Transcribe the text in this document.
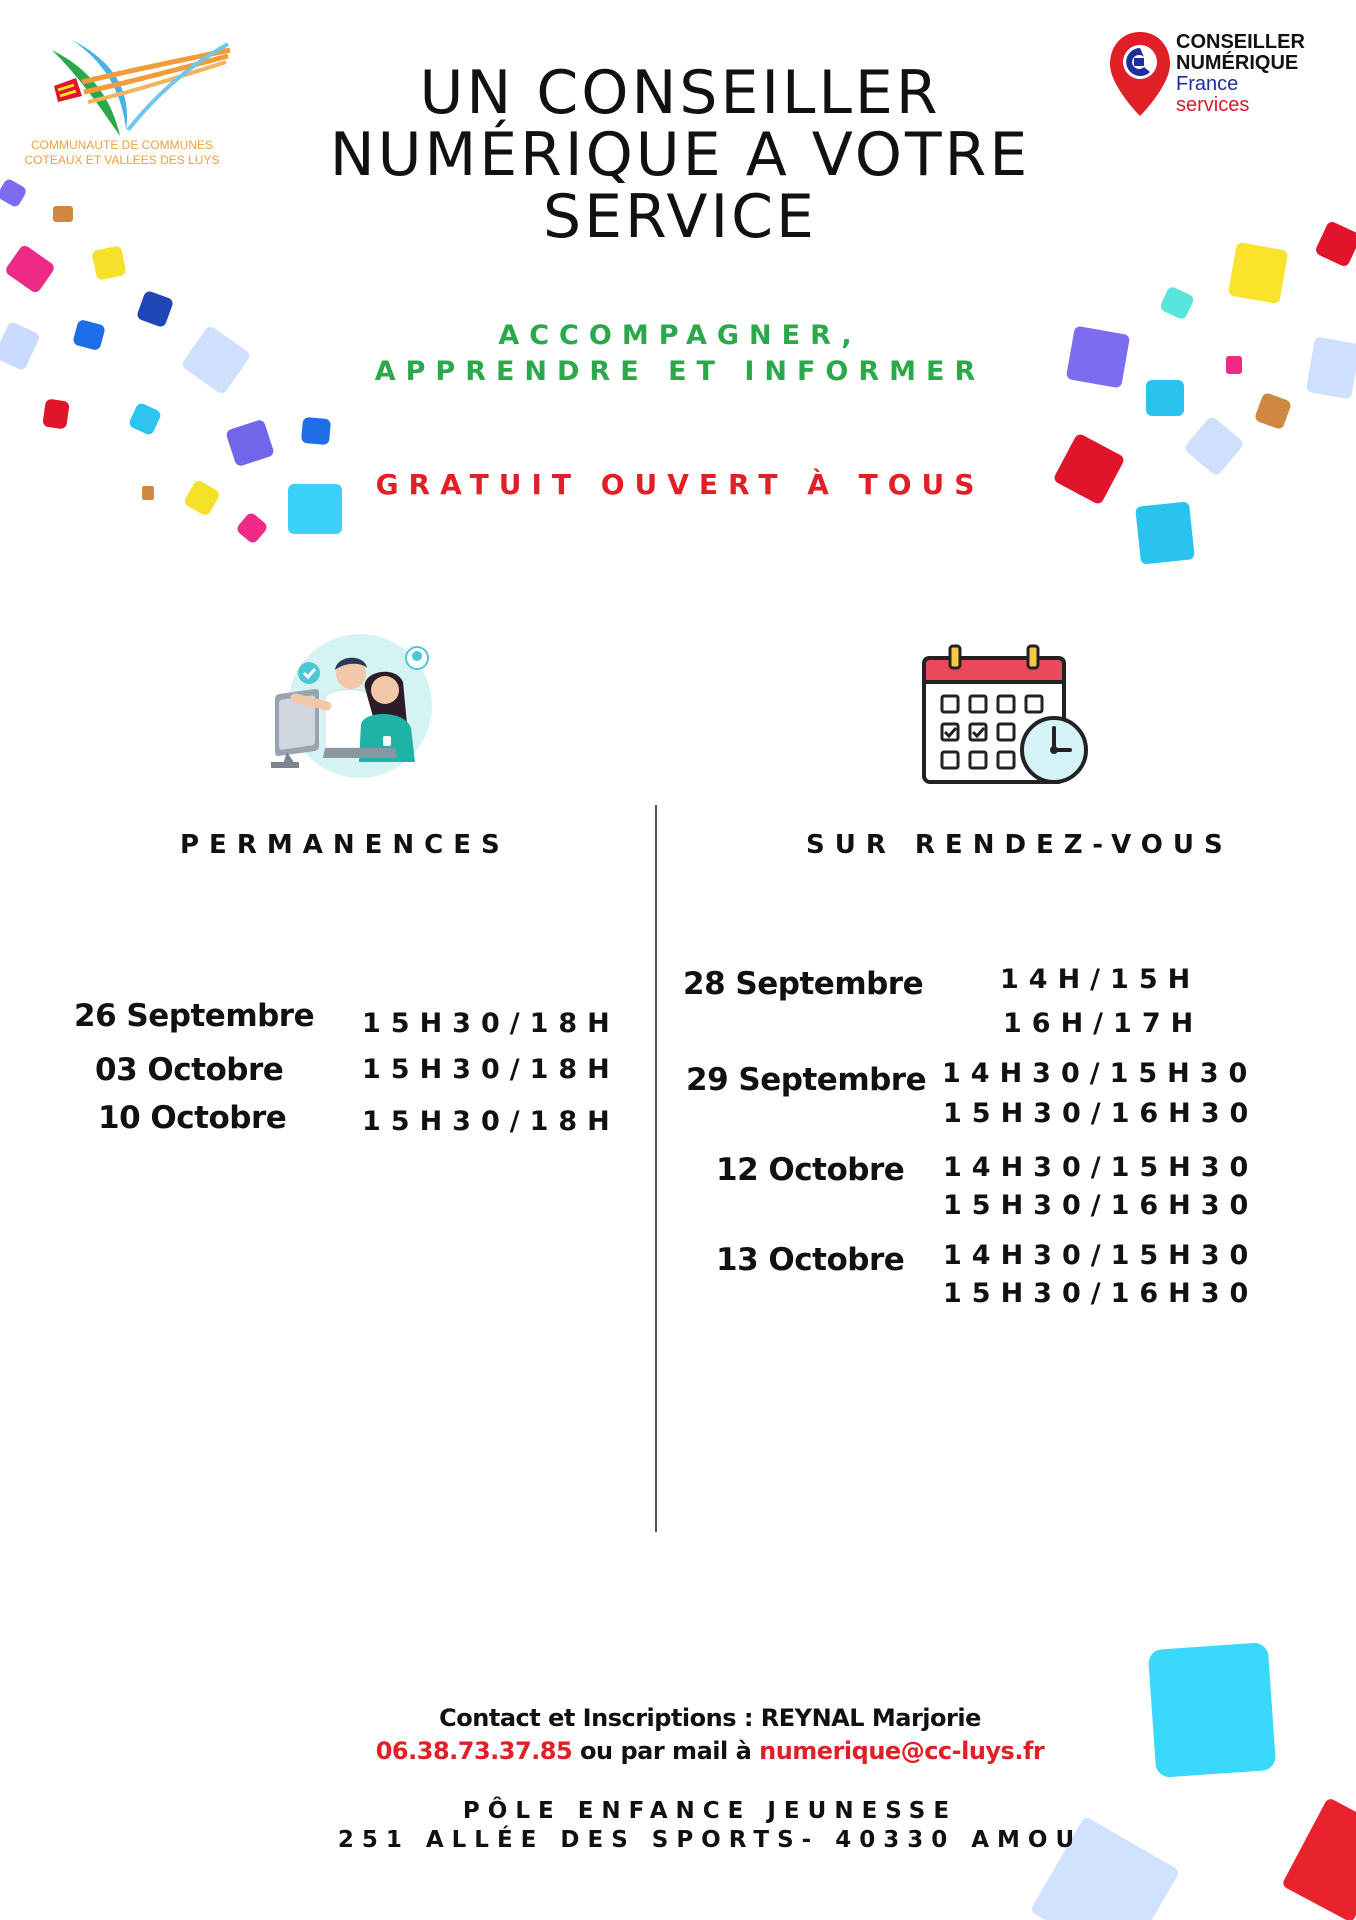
COMMUNAUTE DE COMMUNES
COTEAUX ET VALLEES DES LUYS
CONSEILLER
NUMÉRIQUE
France
services
UN CONSEILLER
NUMÉRIQUE A VOTRE
SERVICE
ACCOMPAGNER,
APPRENDRE ET INFORMER
GRATUIT OUVERT À TOUS
PERMANENCES	SUR RENDEZ-VOUS
26 Septembre 15H30/18H
03 Octobre	15H30/18H
10 Octobre	15H30/18H
28 Septembre	14H/15H
16H/17H
29 Septembre 14H30/15H30
15H30/16H30
12 Octobre 14H30/15H30
15H30/16H30
13 Octobre 14H30/15H30
15H30/16H30
Contact et Inscriptions : REYNAL Marjorie
06.38.73.37.85 ou par mail à numerique@cc-luys.fr
PÔLE ENFANCE JEUNESSE
251 ALLÉE DES SPORTS- 40330 AMOU
